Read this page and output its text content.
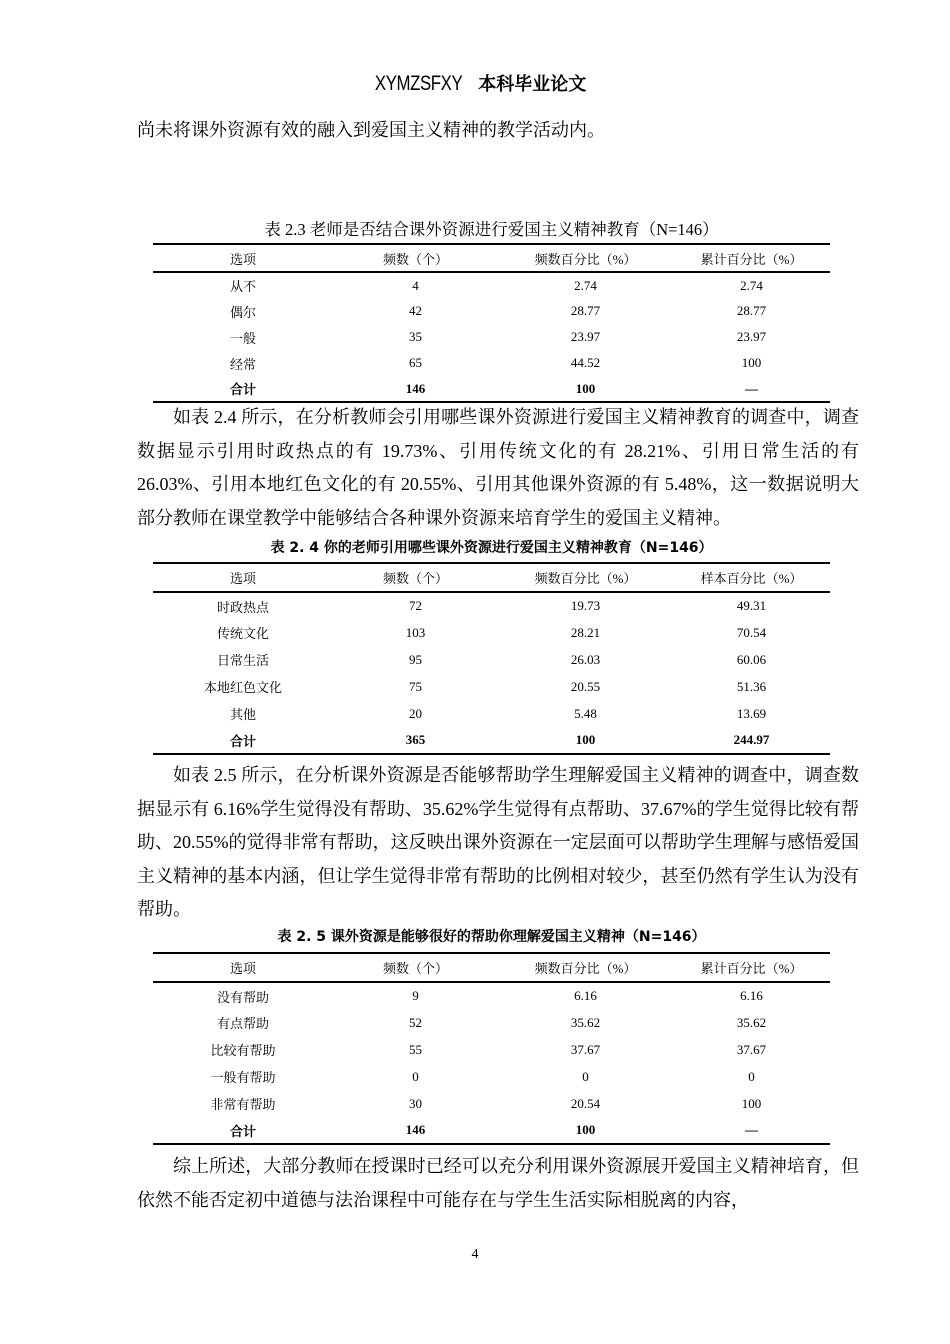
XYMZSFXY 本科毕业论文
尚未将课外资源有效的融入到爱国主义精神的教学活动内。
表 2.3 老师是否结合课外资源进行爱国主义精神教育（N=146）
选项	频数（个）	频数百分比（%）	累计百分比（%）
从不	4	2.74	2.74
偶尔	42	28.77	28.77
一般	35	23.97	23.97
经常	65	44.52	100
合计	146	100	—
如表 2.4 所示，在分析教师会引用哪些课外资源进行爱国主义精神教育的调查中，调查数据显示引用时政热点的有 19.73%、引用传统文化的有 28.21%、引用日常生活的有 26.03%、引用本地红色文化的有 20.55%、引用其他课外资源的有 5.48%，这一数据说明大部分教师在课堂教学中能够结合各种课外资源来培育学生的爱国主义精神。
表 2. 4 你的老师引用哪些课外资源进行爱国主义精神教育（N=146）
选项	频数（个）	频数百分比（%）	样本百分比（%）
时政热点	72	19.73	49.31
传统文化	103	28.21	70.54
日常生活	95	26.03	60.06
本地红色文化	75	20.55	51.36
其他	20	5.48	13.69
合计	365	100	244.97
如表 2.5 所示，在分析课外资源是否能够帮助学生理解爱国主义精神的调查中，调查数据显示有 6.16%学生觉得没有帮助、35.62%学生觉得有点帮助、37.67%的学生觉得比较有帮助、20.55%的觉得非常有帮助，这反映出课外资源在一定层面可以帮助学生理解与感悟爱国主义精神的基本内涵，但让学生觉得非常有帮助的比例相对较少，甚至仍然有学生认为没有帮助。
表 2. 5 课外资源是能够很好的帮助你理解爱国主义精神（N=146）
选项	频数（个）	频数百分比（%）	累计百分比（%）
没有帮助	9	6.16	6.16
有点帮助	52	35.62	35.62
比较有帮助	55	37.67	37.67
一般有帮助	0	0	0
非常有帮助	30	20.54	100
合计	146	100	—
综上所述，大部分教师在授课时已经可以充分利用课外资源展开爱国主义精神培育，但依然不能否定初中道德与法治课程中可能存在与学生生活实际相脱离的内容，
4
